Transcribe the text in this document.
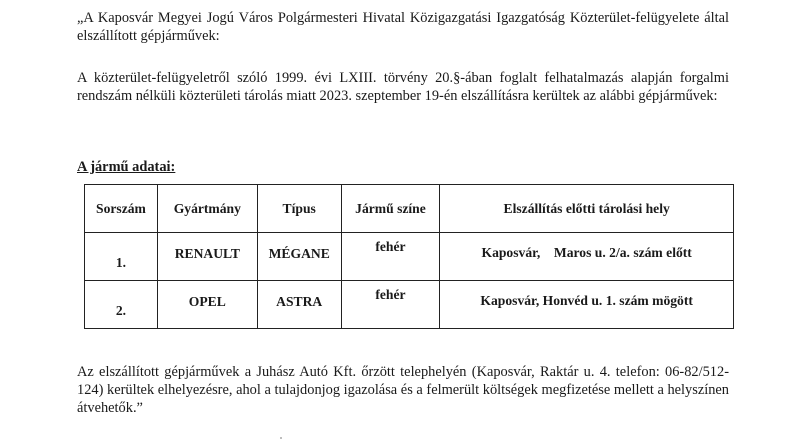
„A Kaposvár Megyei Jogú Város Polgármesteri Hivatal Közigazgatási Igazgatóság Közterület-felügyelete által elszállított gépjárművek:

A közterület-felügyeletről szóló 1999. évi LXIII. törvény 20.§-ában foglalt felhatalmazás alapján forgalmi rendszám nélküli közterületi tárolás miatt 2023. szeptember 19-én elszállításra kerültek az alábbi gépjárművek:

A jármű adatai:

Sorszám	Gyártmány	Típus	Jármű színe	Elszállítás előtti tárolási hely

1.	RENAULT	MÉGANE	fehér	Kaposvár,    Maros u. 2/a. szám előtt

2.	OPEL	ASTRA	fehér	Kaposvár, Honvéd u. 1. szám mögött

Az elszállított gépjárművek a Juhász Autó Kft. őrzött telephelyén (Kaposvár, Raktár u. 4. telefon: 06-82/512-124) kerültek elhelyezésre, ahol a tulajdonjog igazolása és a felmerült költségek megfizetése mellett a helyszínen átvehetők.”
